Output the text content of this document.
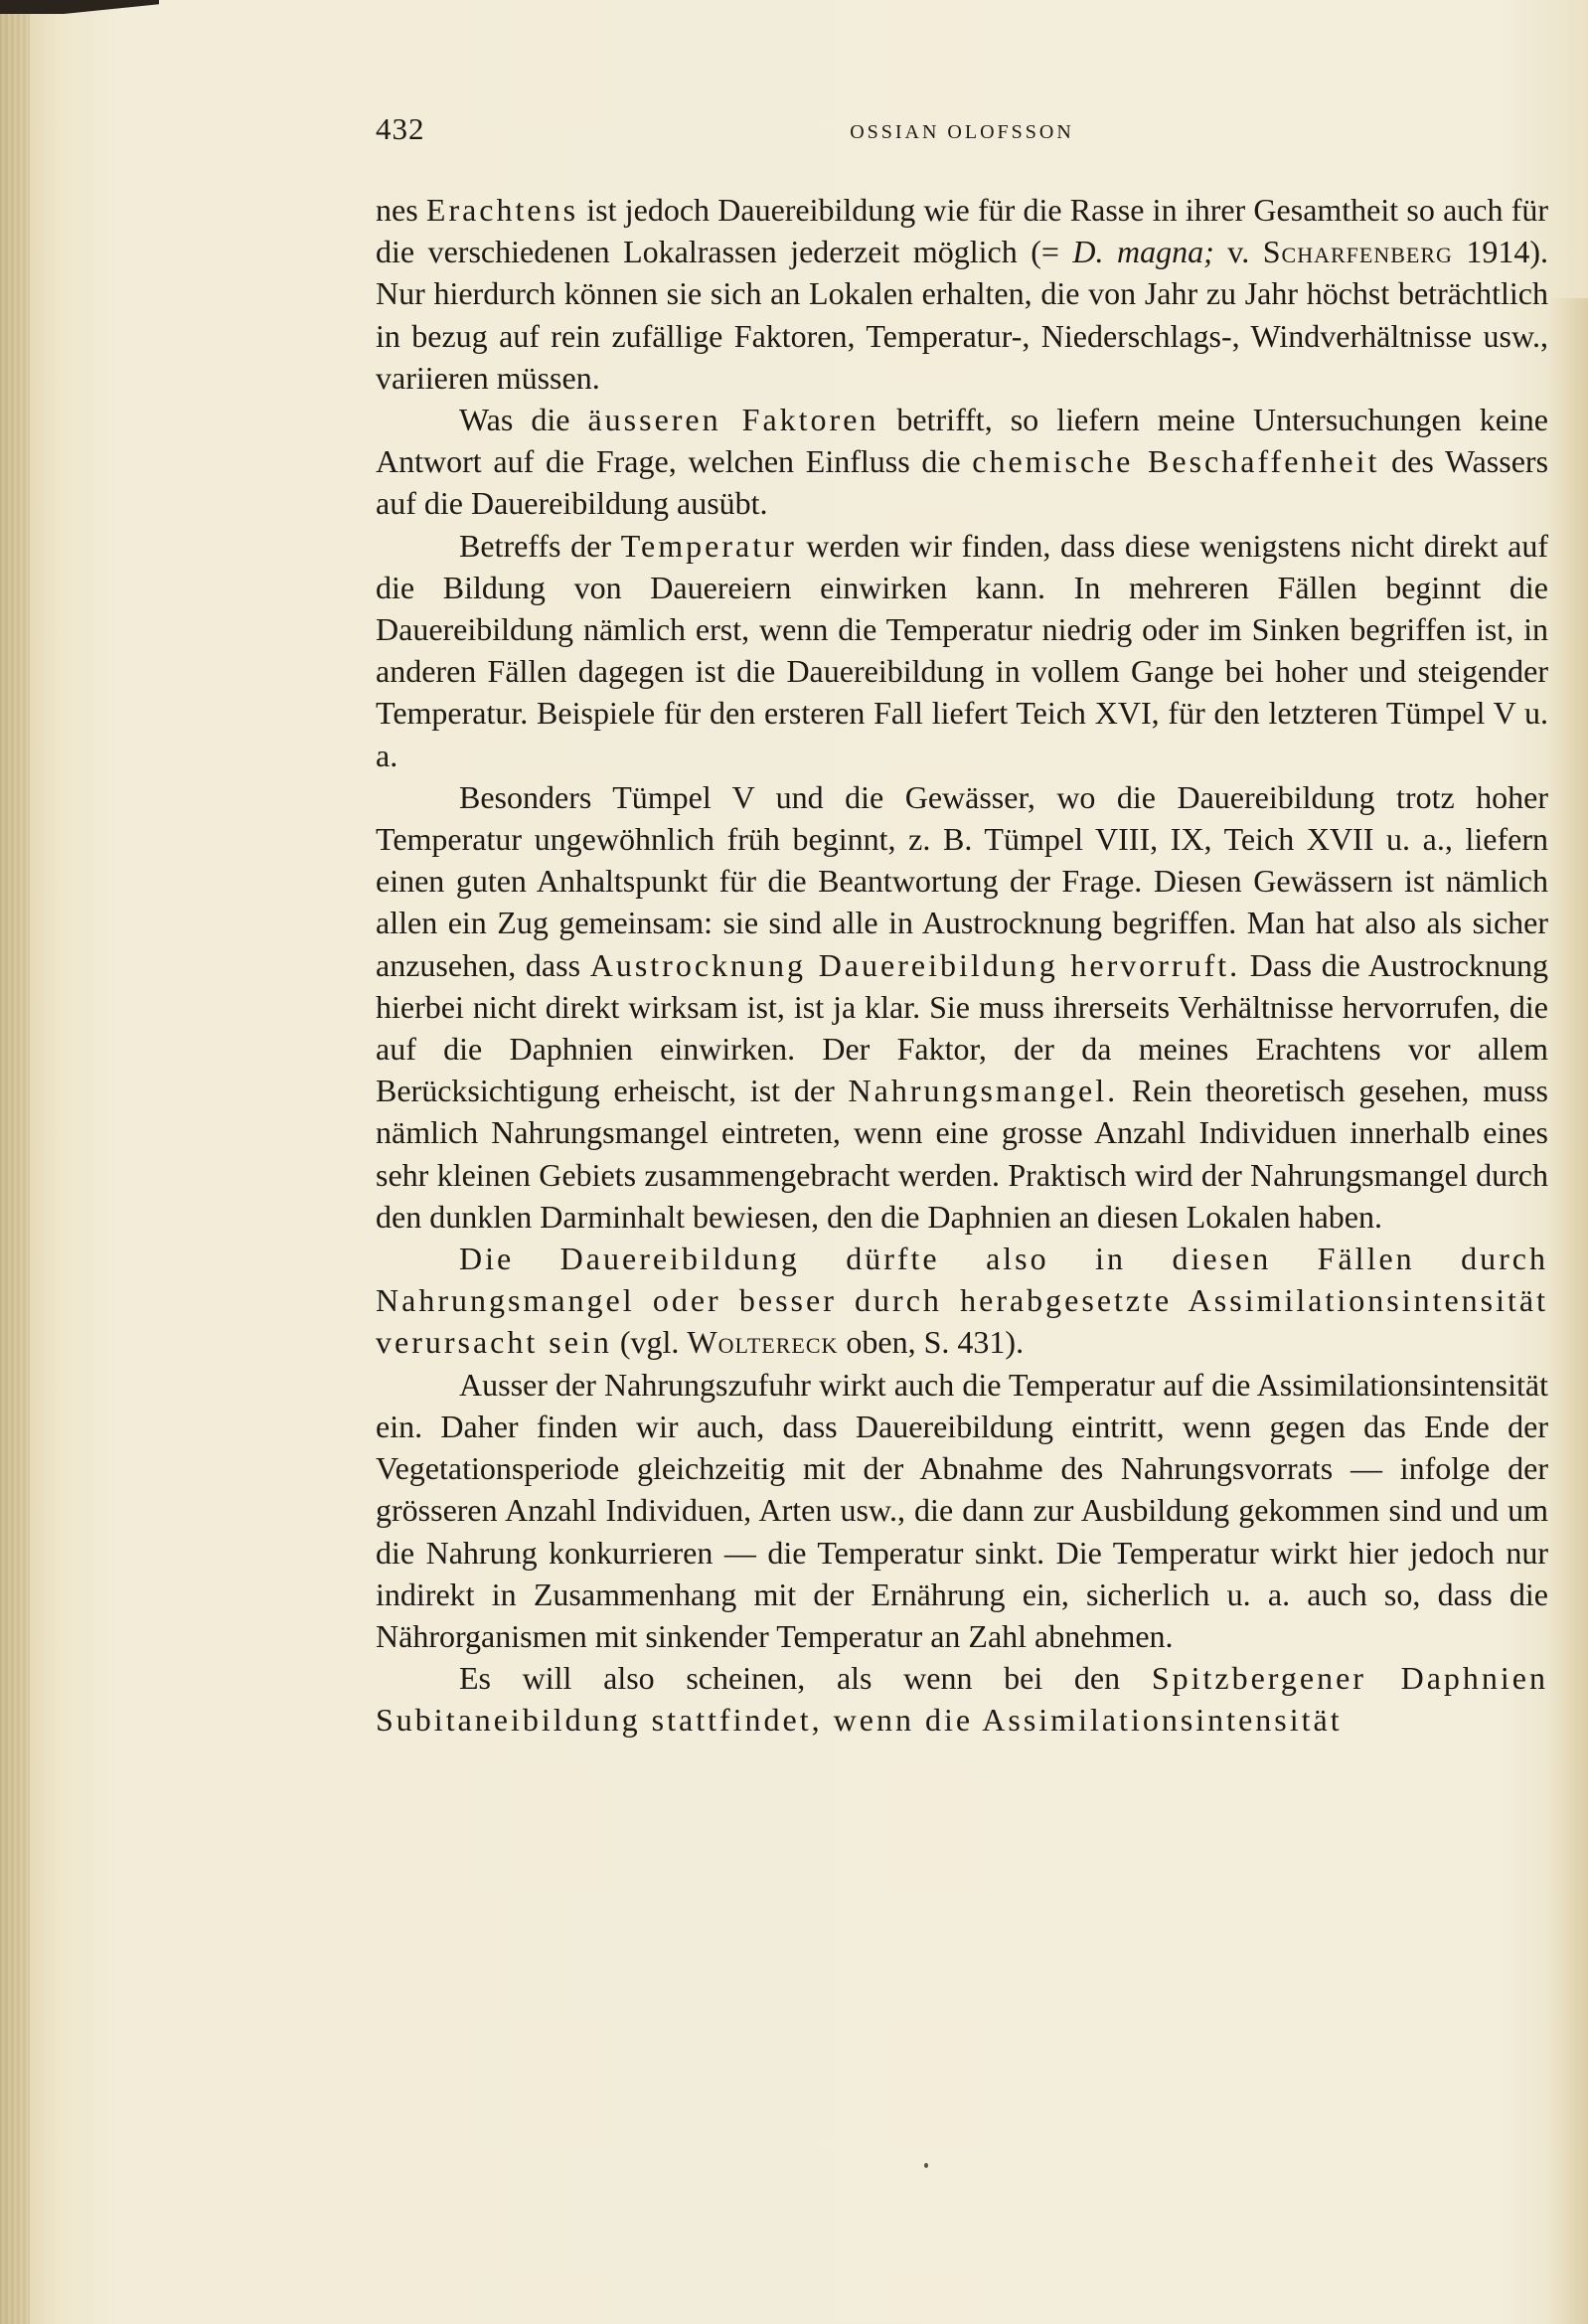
432	OSSIAN OLOFSSON

nes Erachtens ist jedoch Dauereibildung wie für die Rasse in ihrer Gesamtheit so auch für die verschiedenen Lokalrassen jederzeit möglich (= D. magna; v. Scharfenberg 1914). Nur hierdurch können sie sich an Lokalen erhalten, die von Jahr zu Jahr höchst beträchtlich in bezug auf rein zufällige Faktoren, Temperatur-, Niederschlags-, Windverhältnisse usw., variieren müssen.

Was die äusseren Faktoren betrifft, so liefern meine Untersuchungen keine Antwort auf die Frage, welchen Einfluss die chemische Beschaffenheit des Wassers auf die Dauereibildung ausübt.

Betreffs der Temperatur werden wir finden, dass diese wenigstens nicht direkt auf die Bildung von Dauereiern einwirken kann. In mehreren Fällen beginnt die Dauereibildung nämlich erst, wenn die Temperatur niedrig oder im Sinken begriffen ist, in anderen Fällen dagegen ist die Dauereibildung in vollem Gange bei hoher und steigender Temperatur. Beispiele für den ersteren Fall liefert Teich XVI, für den letzteren Tümpel V u. a.

Besonders Tümpel V und die Gewässer, wo die Dauereibildung trotz hoher Temperatur ungewöhnlich früh beginnt, z. B. Tümpel VIII, IX, Teich XVII u. a., liefern einen guten Anhaltspunkt für die Beantwortung der Frage. Diesen Gewässern ist nämlich allen ein Zug gemeinsam: sie sind alle in Austrocknung begriffen. Man hat also als sicher anzusehen, dass Austrocknung Dauereibildung hervorruft. Dass die Austrocknung hierbei nicht direkt wirksam ist, ist ja klar. Sie muss ihrerseits Verhältnisse hervorrufen, die auf die Daphnien einwirken. Der Faktor, der da meines Erachtens vor allem Berücksichtigung erheischt, ist der Nahrungsmangel. Rein theoretisch gesehen, muss nämlich Nahrungsmangel eintreten, wenn eine grosse Anzahl Individuen innerhalb eines sehr kleinen Gebiets zusammengebracht werden. Praktisch wird der Nahrungsmangel durch den dunklen Darminhalt bewiesen, den die Daphnien an diesen Lokalen haben.

Die Dauereibildung dürfte also in diesen Fällen durch Nahrungsmangel oder besser durch herabgesetzte Assimilationsintensität verursacht sein (vgl. Woltereck oben, S. 431).

Ausser der Nahrungszufuhr wirkt auch die Temperatur auf die Assimilationsintensität ein. Daher finden wir auch, dass Dauereibildung eintritt, wenn gegen das Ende der Vegetationsperiode gleichzeitig mit der Abnahme des Nahrungsvorrats — infolge der grösseren Anzahl Individuen, Arten usw., die dann zur Ausbildung gekommen sind und um die Nahrung konkurrieren — die Temperatur sinkt. Die Temperatur wirkt hier jedoch nur indirekt in Zusammenhang mit der Ernährung ein, sicherlich u. a. auch so, dass die Nährorganismen mit sinkender Temperatur an Zahl abnehmen.

Es will also scheinen, als wenn bei den Spitzbergener Daphnien Subitaneibildung stattfindet, wenn die Assimilationsintensität
